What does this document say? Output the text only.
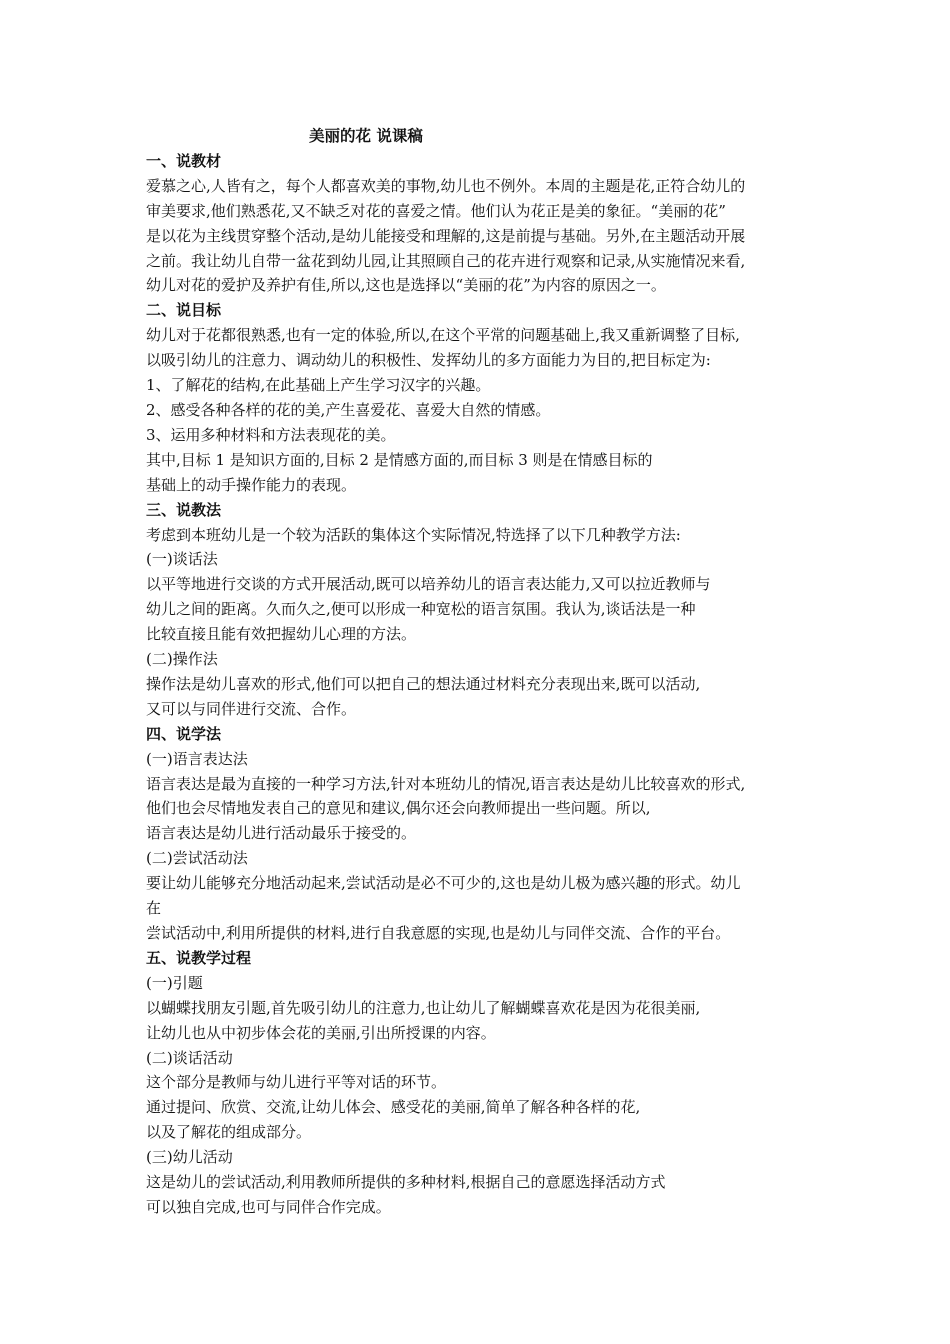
美丽的花 说课稿
一、说教材
爱慕之心,人皆有之，每个人都喜欢美的事物,幼儿也不例外。本周的主题是花,正符合幼儿的
审美要求,他们熟悉花,又不缺乏对花的喜爱之情。他们认为花正是美的象征。“美丽的花”
是以花为主线贯穿整个活动,是幼儿能接受和理解的,这是前提与基础。另外,在主题活动开展
之前。我让幼儿自带一盆花到幼儿园,让其照顾自己的花卉进行观察和记录,从实施情况来看,
幼儿对花的爱护及养护有佳,所以,这也是选择以“美丽的花”为内容的原因之一。
二、说目标
幼儿对于花都很熟悉,也有一定的体验,所以,在这个平常的问题基础上,我又重新调整了目标,
以吸引幼儿的注意力、调动幼儿的积极性、发挥幼儿的多方面能力为目的,把目标定为:
1、了解花的结构,在此基础上产生学习汉字的兴趣。
2、感受各种各样的花的美,产生喜爱花、喜爱大自然的情感。
3、运用多种材料和方法表现花的美。
其中,目标 1 是知识方面的,目标 2 是情感方面的,而目标 3 则是在情感目标的
基础上的动手操作能力的表现。
三、说教法
考虑到本班幼儿是一个较为活跃的集体这个实际情况,特选择了以下几种教学方法:
(一)谈话法
以平等地进行交谈的方式开展活动,既可以培养幼儿的语言表达能力,又可以拉近教师与
幼儿之间的距离。久而久之,便可以形成一种宽松的语言氛围。我认为,谈话法是一种
比较直接且能有效把握幼儿心理的方法。
(二)操作法
操作法是幼儿喜欢的形式,他们可以把自己的想法通过材料充分表现出来,既可以活动,
又可以与同伴进行交流、合作。
四、说学法
(一)语言表达法
语言表达是最为直接的一种学习方法,针对本班幼儿的情况,语言表达是幼儿比较喜欢的形式,
他们也会尽情地发表自己的意见和建议,偶尔还会向教师提出一些问题。所以,
语言表达是幼儿进行活动最乐于接受的。
(二)尝试活动法
要让幼儿能够充分地活动起来,尝试活动是必不可少的,这也是幼儿极为感兴趣的形式。幼儿
在
尝试活动中,利用所提供的材料,进行自我意愿的实现,也是幼儿与同伴交流、合作的平台。
五、说教学过程
(一)引题
以蝴蝶找朋友引题,首先吸引幼儿的注意力,也让幼儿了解蝴蝶喜欢花是因为花很美丽,
让幼儿也从中初步体会花的美丽,引出所授课的内容。
(二)谈话活动
这个部分是教师与幼儿进行平等对话的环节。
通过提问、欣赏、交流,让幼儿体会、感受花的美丽,简单了解各种各样的花,
以及了解花的组成部分。
(三)幼儿活动
这是幼儿的尝试活动,利用教师所提供的多种材料,根据自己的意愿选择活动方式
可以独自完成,也可与同伴合作完成。
